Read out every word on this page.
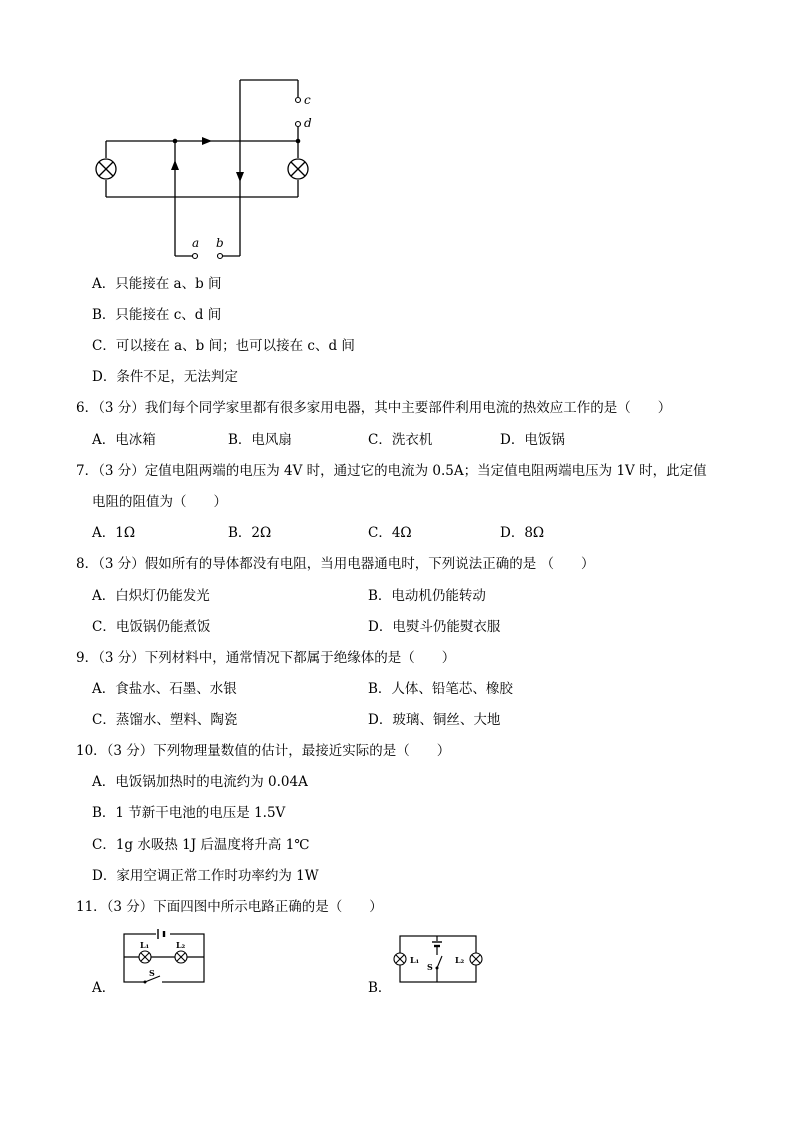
c
d
a b
A．只能接在 a、b 间
B．只能接在 c、d 间
C．可以接在 a、b 间；也可以接在 c、d 间
D．条件不足，无法判定
6．（3 分）我们每个同学家里都有很多家用电器，其中主要部件利用电流的热效应工作的是（　　）
A．电冰箱	B．电风扇	C．洗衣机	D．电饭锅
7．（3 分）定值电阻两端的电压为 4V 时，通过它的电流为 0.5A；当定值电阻两端电压为 1V 时，此定值
电阻的阻值为（　　）
A．1Ω	B．2Ω	C．4Ω	D．8Ω
8．（3 分）假如所有的导体都没有电阻，当用电器通电时，下列说法正确的是 （　　）
A．白炽灯仍能发光	B．电动机仍能转动
C．电饭锅仍能煮饭	D．电熨斗仍能熨衣服
9．（3 分）下列材料中，通常情况下都属于绝缘体的是（　　）
A．食盐水、石墨、水银	B．人体、铅笔芯、橡胶
C．蒸馏水、塑料、陶瓷	D．玻璃、铜丝、大地
10．（3 分）下列物理量数值的估计，最接近实际的是（　　）
A．电饭锅加热时的电流约为 0.04A
B．1 节新干电池的电压是 1.5V
C．1g 水吸热 1J 后温度将升高 1℃
D．家用空调正常工作时功率约为 1W
11．（3 分）下面四图中所示电路正确的是（　　）
A．	B．
L₁	L₂
S
L₁
S
L₂
